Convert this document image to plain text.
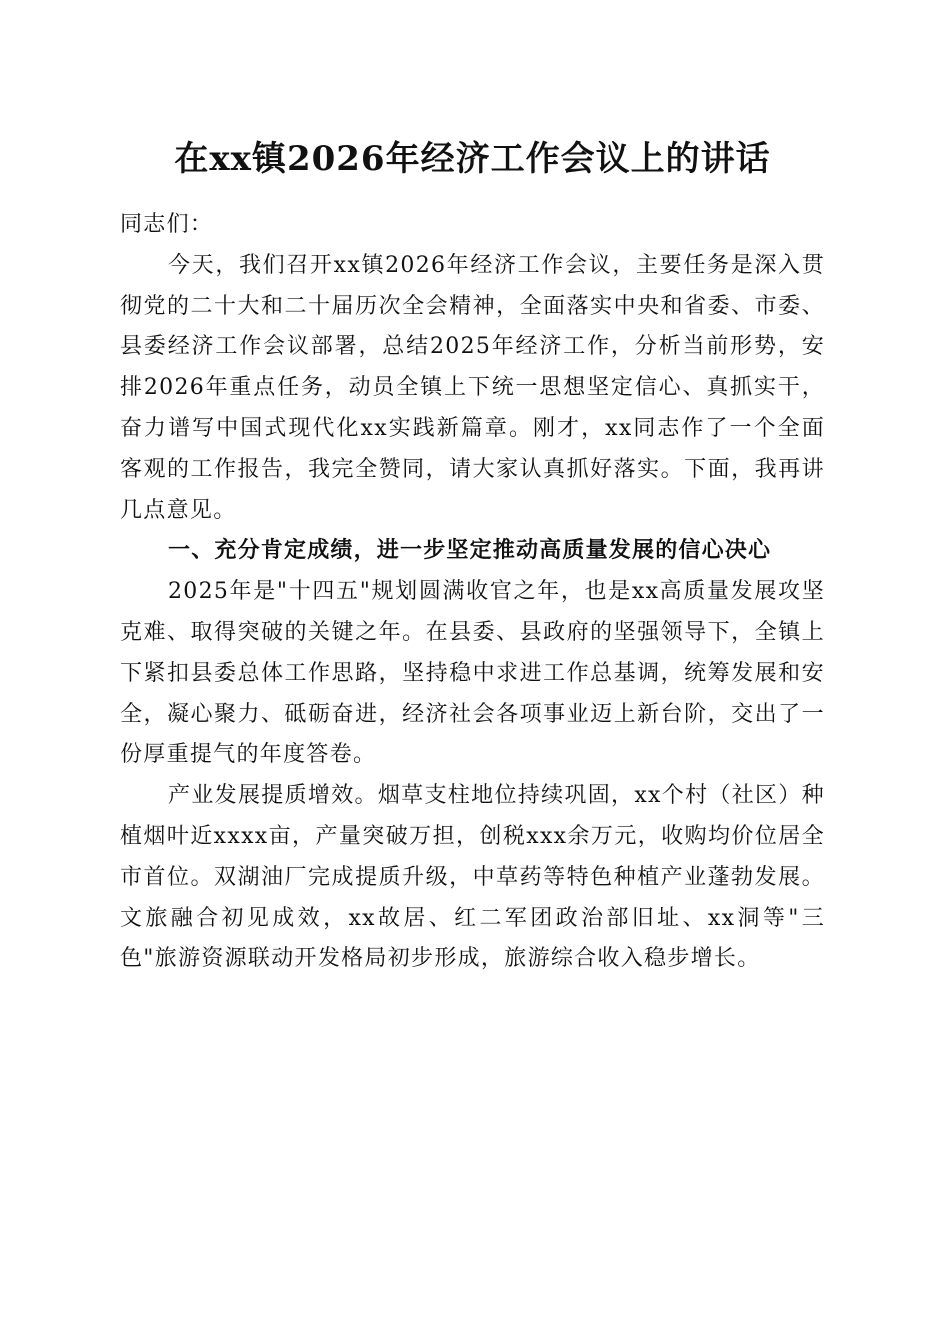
在xx镇2026年经济工作会议上的讲话

同志们：

今天，我们召开xx镇2026年经济工作会议，主要任务是深入贯彻党的二十大和二十届历次全会精神，全面落实中央和省委、市委、县委经济工作会议部署，总结2025年经济工作，分析当前形势，安排2026年重点任务，动员全镇上下统一思想坚定信心、真抓实干，奋力谱写中国式现代化xx实践新篇章。刚才，xx同志作了一个全面客观的工作报告，我完全赞同，请大家认真抓好落实。下面，我再讲几点意见。

一、充分肯定成绩，进一步坚定推动高质量发展的信心决心

2025年是"十四五"规划圆满收官之年，也是xx高质量发展攻坚克难、取得突破的关键之年。在县委、县政府的坚强领导下，全镇上下紧扣县委总体工作思路，坚持稳中求进工作总基调，统筹发展和安全，凝心聚力、砥砺奋进，经济社会各项事业迈上新台阶，交出了一份厚重提气的年度答卷。

产业发展提质增效。烟草支柱地位持续巩固，xx个村（社区）种植烟叶近xxxx亩，产量突破万担，创税xxx余万元，收购均价位居全市首位。双湖油厂完成提质升级，中草药等特色种植产业蓬勃发展。文旅融合初见成效，xx故居、红二军团政治部旧址、xx洞等"三色"旅游资源联动开发格局初步形成，旅游综合收入稳步增长。
